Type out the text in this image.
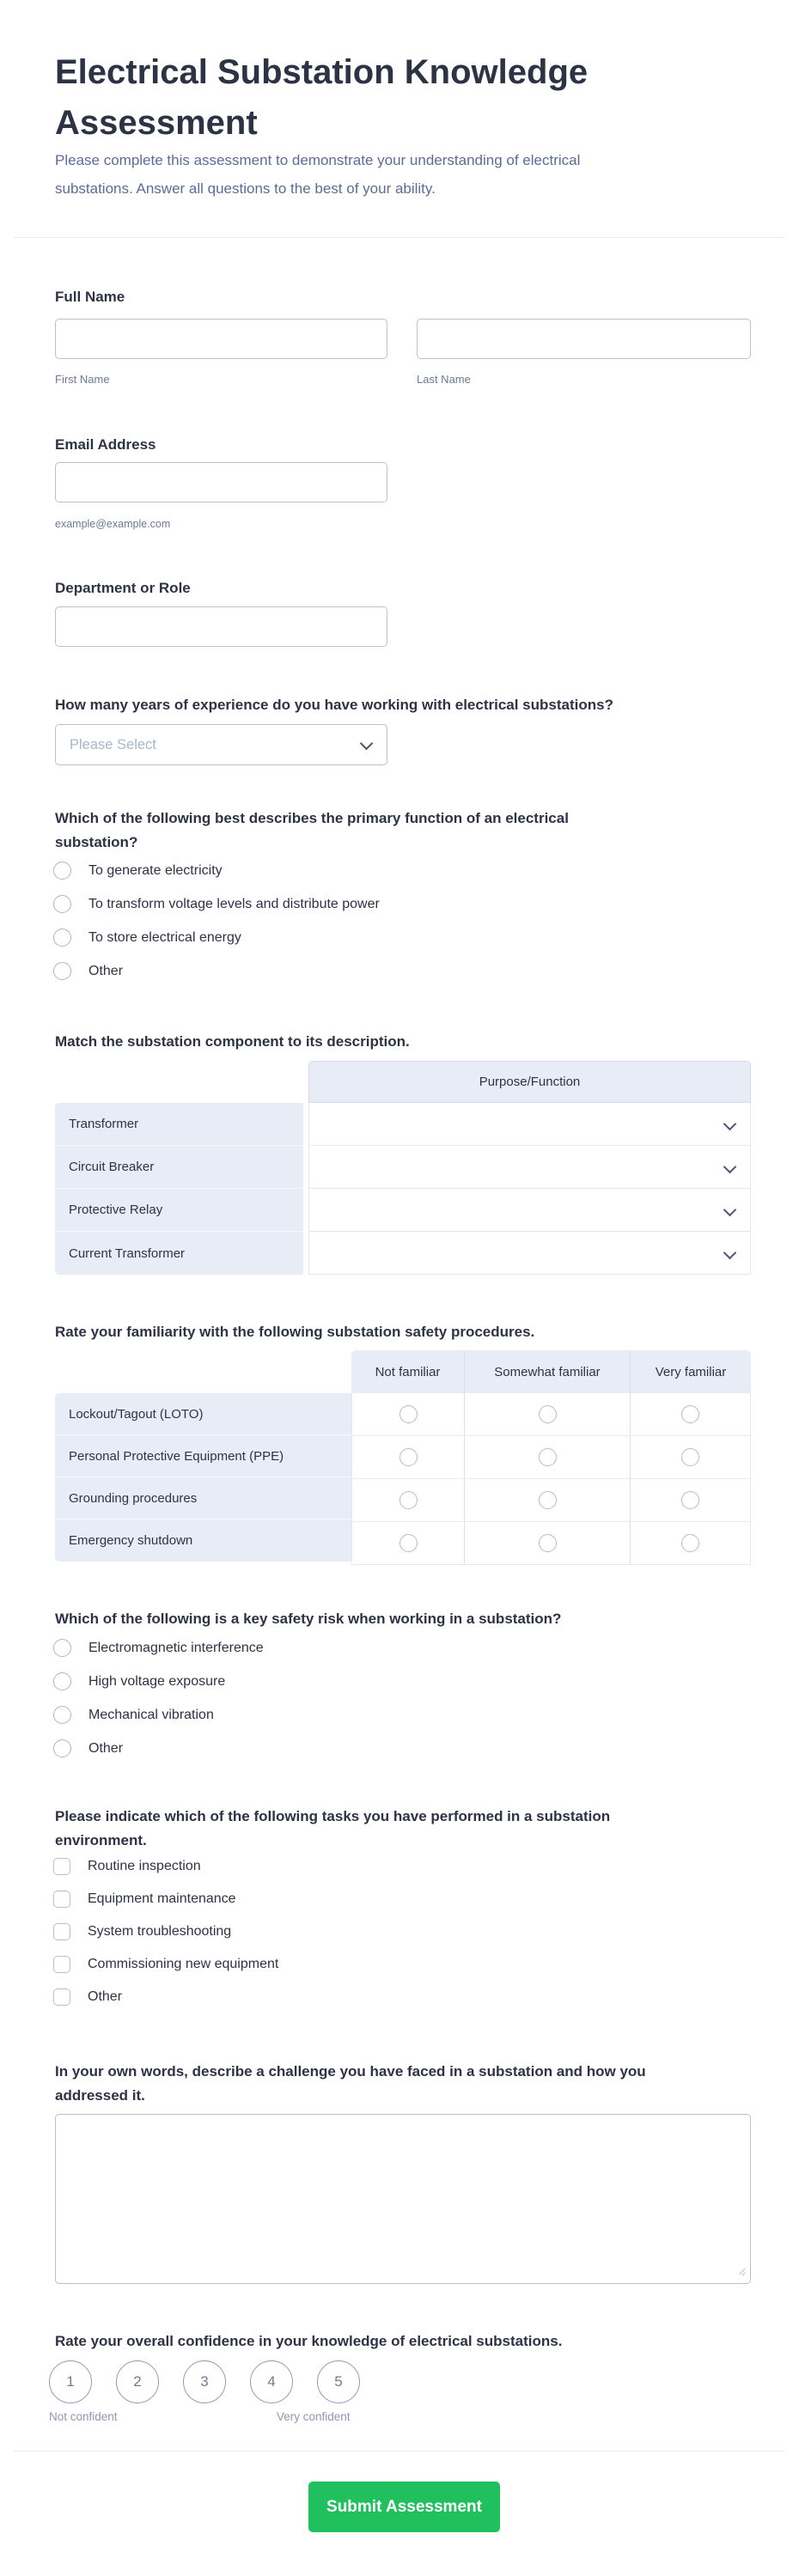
Electrical Substation Knowledge
Assessment
Please complete this assessment to demonstrate your understanding of electrical
substations. Answer all questions to the best of your ability.
Full Name
First Name	Last Name
Email Address
example@example.com
Department or Role
How many years of experience do you have working with electrical substations?
Please Select
Which of the following best describes the primary function of an electrical
substation?
To generate electricity
To transform voltage levels and distribute power
To store electrical energy
Other
Match the substation component to its description.
Transformer
Circuit Breaker
Protective Relay
Current Transformer
Purpose/Function
Rate your familiarity with the following substation safety procedures.
Not familiar	Somewhat familiar	Very familiar
Lockout/Tagout (LOTO)
Personal Protective Equipment (PPE)
Grounding procedures
Emergency shutdown
Which of the following is a key safety risk when working in a substation?
Electromagnetic interference
High voltage exposure
Mechanical vibration
Other
Please indicate which of the following tasks you have performed in a substation
environment.
Routine inspection
Equipment maintenance
System troubleshooting
Commissioning new equipment
Other
In your own words, describe a challenge you have faced in a substation and how you
addressed it.
Rate your overall confidence in your knowledge of electrical substations.
1	2	3	4	5
Not confident	Very confident
Submit Assessment
